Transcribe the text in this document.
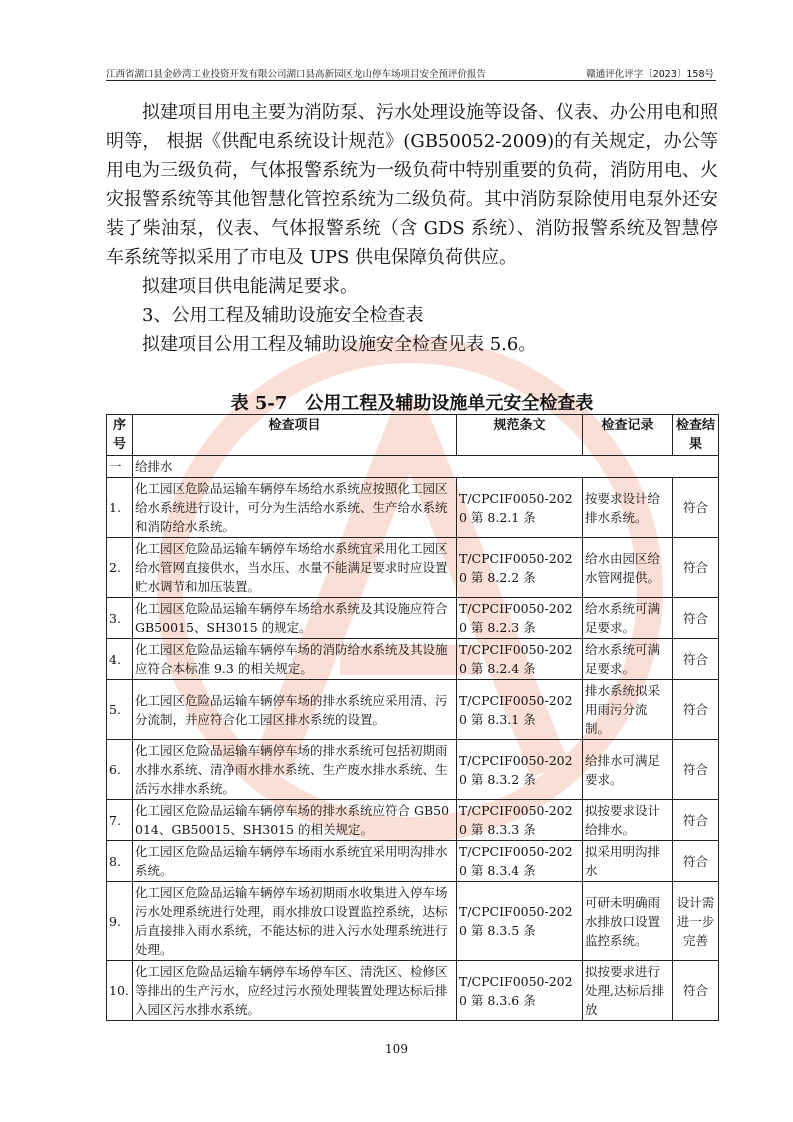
江西省湖口县金砂湾工业投资开发有限公司湖口县高新园区龙山停车场项目安全预评价报告	赣通评化评字〔2023〕158号

拟建项目用电主要为消防泵、污水处理设施等设备、仪表、办公用电和照明等， 根据《供配电系统设计规范》(GB50052-2009)的有关规定，办公等用电为三级负荷，气体报警系统为一级负荷中特别重要的负荷，消防用电、火灾报警系统等其他智慧化管控系统为二级负荷。其中消防泵除使用电泵外还安装了柴油泵，仪表、气体报警系统（含 GDS 系统）、消防报警系统及智慧停车系统等拟采用了市电及 UPS 供电保障负荷供应。

拟建项目供电能满足要求。

3、公用工程及辅助设施安全检查表

拟建项目公用工程及辅助设施安全检查见表 5.6。

表 5-7　公用工程及辅助设施单元安全检查表
序号	检查项目	规范条文	检查记录	检查结果
一	给排水			
1.	化工园区危险品运输车辆停车场给水系统应按照化工园区给水系统进行设计，可分为生活给水系统、生产给水系统和消防给水系统。	T/CPCIF0050-2020 第 8.2.1 条	按要求设计给排水系统。	符合
2.	化工园区危险品运输车辆停车场给水系统宜采用化工园区给水管网直接供水，当水压、水量不能满足要求时应设置贮水调节和加压装置。	T/CPCIF0050-2020 第 8.2.2 条	给水由园区给水管网提供。	符合
3.	化工园区危险品运输车辆停车场给水系统及其设施应符合 GB50015、SH3015 的规定。	T/CPCIF0050-2020 第 8.2.3 条	给水系统可满足要求。	符合
4.	化工园区危险品运输车辆停车场的消防给水系统及其设施应符合本标准 9.3 的相关规定。	T/CPCIF0050-2020 第 8.2.4 条	给水系统可满足要求。	符合
5.	化工园区危险品运输车辆停车场的排水系统应采用清、污分流制，并应符合化工园区排水系统的设置。	T/CPCIF0050-2020 第 8.3.1 条	排水系统拟采用雨污分流制。	符合
6.	化工园区危险品运输车辆停车场的排水系统可包括初期雨水排水系统、清净雨水排水系统、生产废水排水系统、生活污水排水系统。	T/CPCIF0050-2020 第 8.3.2 条	给排水可满足要求。	符合
7.	化工园区危险品运输车辆停车场的排水系统应符合 GB50014、GB50015、SH3015 的相关规定。	T/CPCIF0050-2020 第 8.3.3 条	拟按要求设计给排水。	符合
8.	化工园区危险品运输车辆停车场雨水系统宜采用明沟排水系统。	T/CPCIF0050-2020 第 8.3.4 条	拟采用明沟排水	符合
9.	化工园区危险品运输车辆停车场初期雨水收集进入停车场污水处理系统进行处理，雨水排放口设置监控系统，达标后直接排入雨水系统，不能达标的进入污水处理系统进行处理。	T/CPCIF0050-2020 第 8.3.5 条	可研未明确雨水排放口设置监控系统。	设计需进一步完善
10.	化工园区危险品运输车辆停车场停车区、清洗区、检修区等排出的生产污水，应经过污水预处理装置处理达标后排入园区污水排水系统。	T/CPCIF0050-2020 第 8.3.6 条	拟按要求进行处理,达标后排放	符合
109
